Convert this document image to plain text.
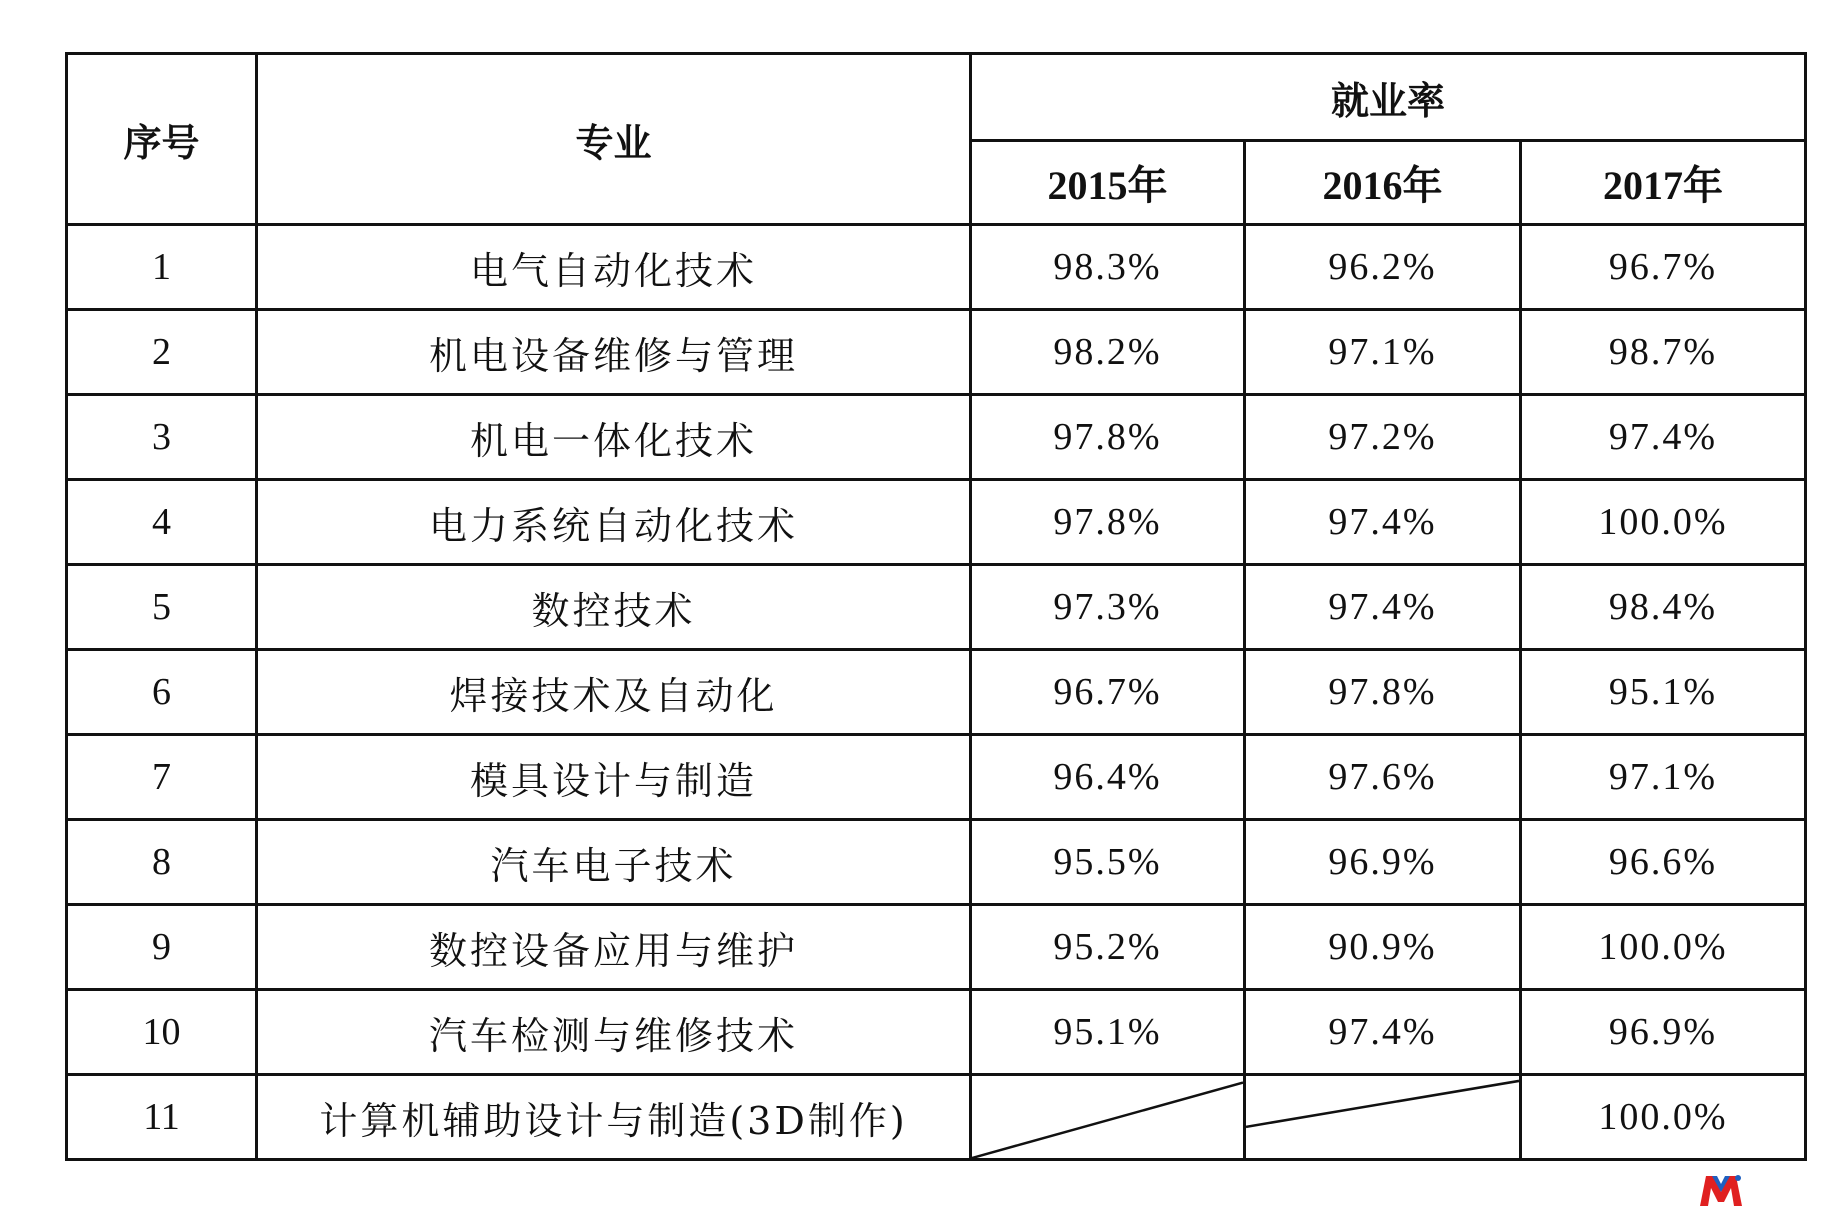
序号	专业	就业率		
		2015年	2016年	2017年
1	电气自动化技术	98.3%	96.2%	96.7%
2	机电设备维修与管理	98.2%	97.1%	98.7%
3	机电一体化技术	97.8%	97.2%	97.4%
4	电力系统自动化技术	97.8%	97.4%	100.0%
5	数控技术	97.3%	97.4%	98.4%
6	焊接技术及自动化	96.7%	97.8%	95.1%
7	模具设计与制造	96.4%	97.6%	97.1%
8	汽车电子技术	95.5%	96.9%	96.6%
9	数控设备应用与维护	95.2%	90.9%	100.0%
10	汽车检测与维修技术	95.1%	97.4%	96.9%
11	计算机辅助设计与制造(3D制作)			100.0%
